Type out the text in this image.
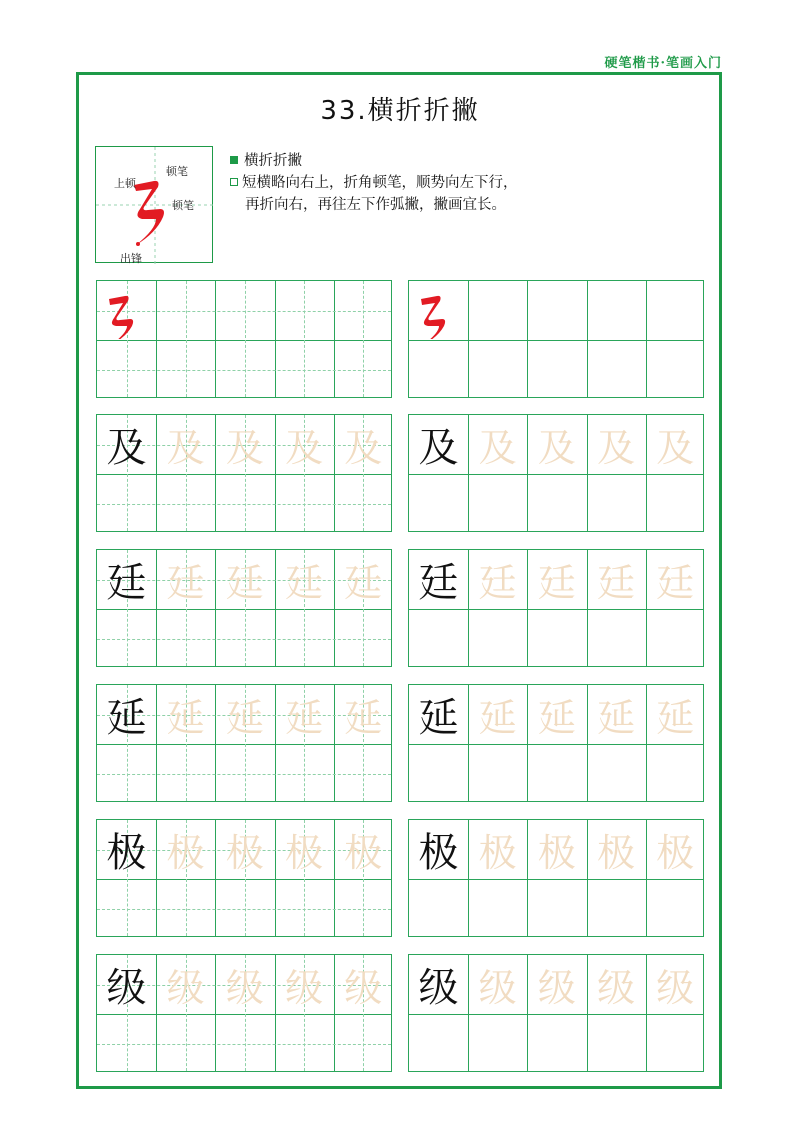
硬笔楷书·笔画入门
33.横折折撇
上顿
顿笔
顿笔
出锋
横折折撇
短横略向右上，折角顿笔，顺势向左下行，
再折向右，再往左下作弧撇，撇画宜长。
及 及 及 及 及 及 及 及 及 及
廷 廷 廷 廷 廷 廷 廷 廷 廷 廷
延 延 延 延 延 延 延 延 延 延
极 极 极 极 极 极 极 极 极 极
级 级 级 级 级 级 级 级 级 级
